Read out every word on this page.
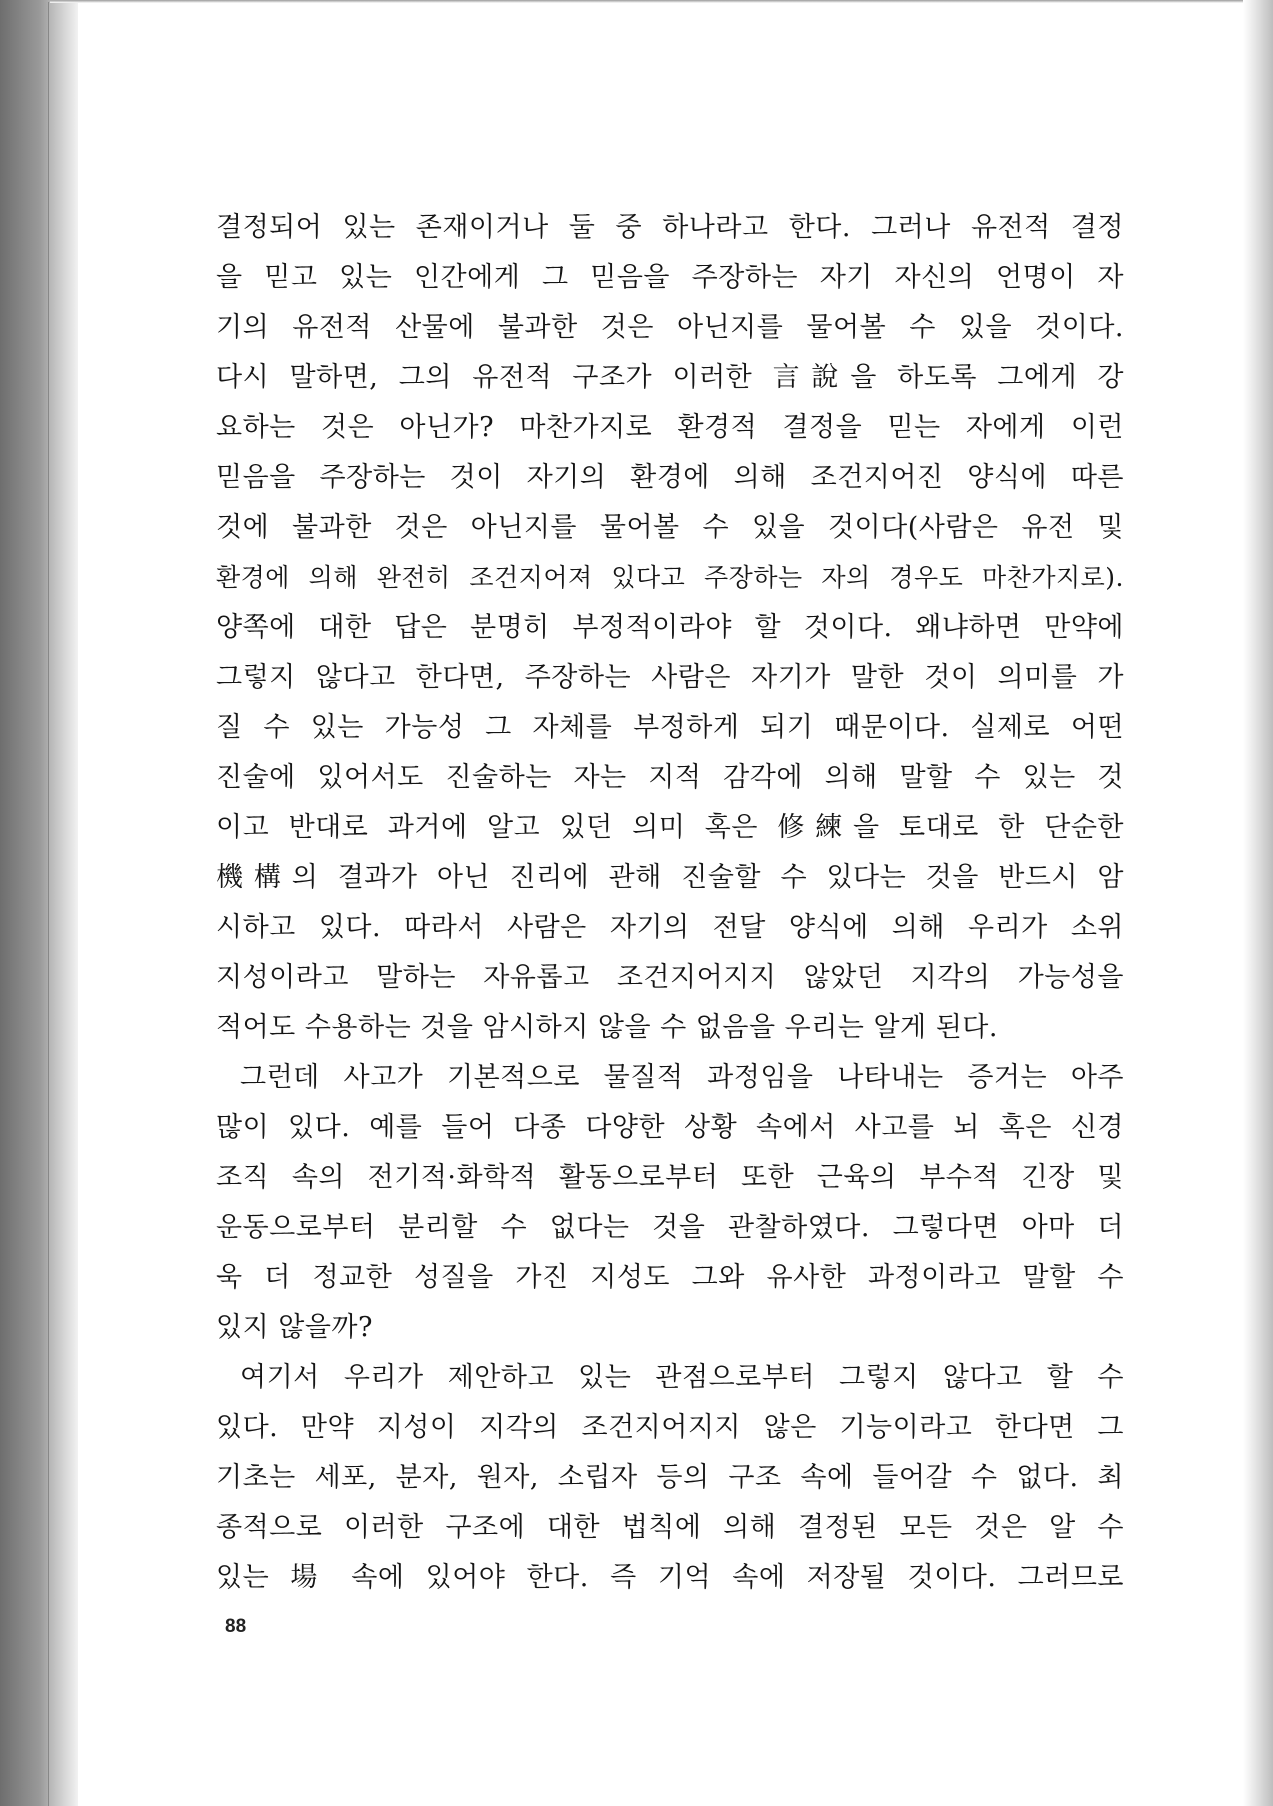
결정되어 있는 존재이거나 둘 중 하나라고 한다. 그러나 유전적 결정
을 믿고 있는 인간에게 그 믿음을 주장하는 자기 자신의 언명이 자
기의 유전적 산물에 불과한 것은 아닌지를 물어볼 수 있을 것이다.
다시 말하면, 그의 유전적 구조가 이러한 言說을 하도록 그에게 강
요하는 것은 아닌가? 마찬가지로 환경적 결정을 믿는 자에게 이런
믿음을 주장하는 것이 자기의 환경에 의해 조건지어진 양식에 따른
것에 불과한 것은 아닌지를 물어볼 수 있을 것이다(사람은 유전 및
환경에 의해 완전히 조건지어져 있다고 주장하는 자의 경우도 마찬가지로).
양쪽에 대한 답은 분명히 부정적이라야 할 것이다. 왜냐하면 만약에
그렇지 않다고 한다면, 주장하는 사람은 자기가 말한 것이 의미를 가
질 수 있는 가능성 그 자체를 부정하게 되기 때문이다. 실제로 어떤
진술에 있어서도 진술하는 자는 지적 감각에 의해 말할 수 있는 것
이고 반대로 과거에 알고 있던 의미 혹은 修練을 토대로 한 단순한
機構의 결과가 아닌 진리에 관해 진술할 수 있다는 것을 반드시 암
시하고 있다. 따라서 사람은 자기의 전달 양식에 의해 우리가 소위
지성이라고 말하는 자유롭고 조건지어지지 않았던 지각의 가능성을
적어도 수용하는 것을 암시하지 않을 수 없음을 우리는 알게 된다.
그런데 사고가 기본적으로 물질적 과정임을 나타내는 증거는 아주
많이 있다. 예를 들어 다종 다양한 상황 속에서 사고를 뇌 혹은 신경
조직 속의 전기적·화학적 활동으로부터 또한 근육의 부수적 긴장 및
운동으로부터 분리할 수 없다는 것을 관찰하였다. 그렇다면 아마 더
욱 더 정교한 성질을 가진 지성도 그와 유사한 과정이라고 말할 수
있지 않을까?
여기서 우리가 제안하고 있는 관점으로부터 그렇지 않다고 할 수
있다. 만약 지성이 지각의 조건지어지지 않은 기능이라고 한다면 그
기초는 세포, 분자, 원자, 소립자 등의 구조 속에 들어갈 수 없다. 최
종적으로 이러한 구조에 대한 법칙에 의해 결정된 모든 것은 알 수
있는 場 속에 있어야 한다. 즉 기억 속에 저장될 것이다. 그러므로
88
